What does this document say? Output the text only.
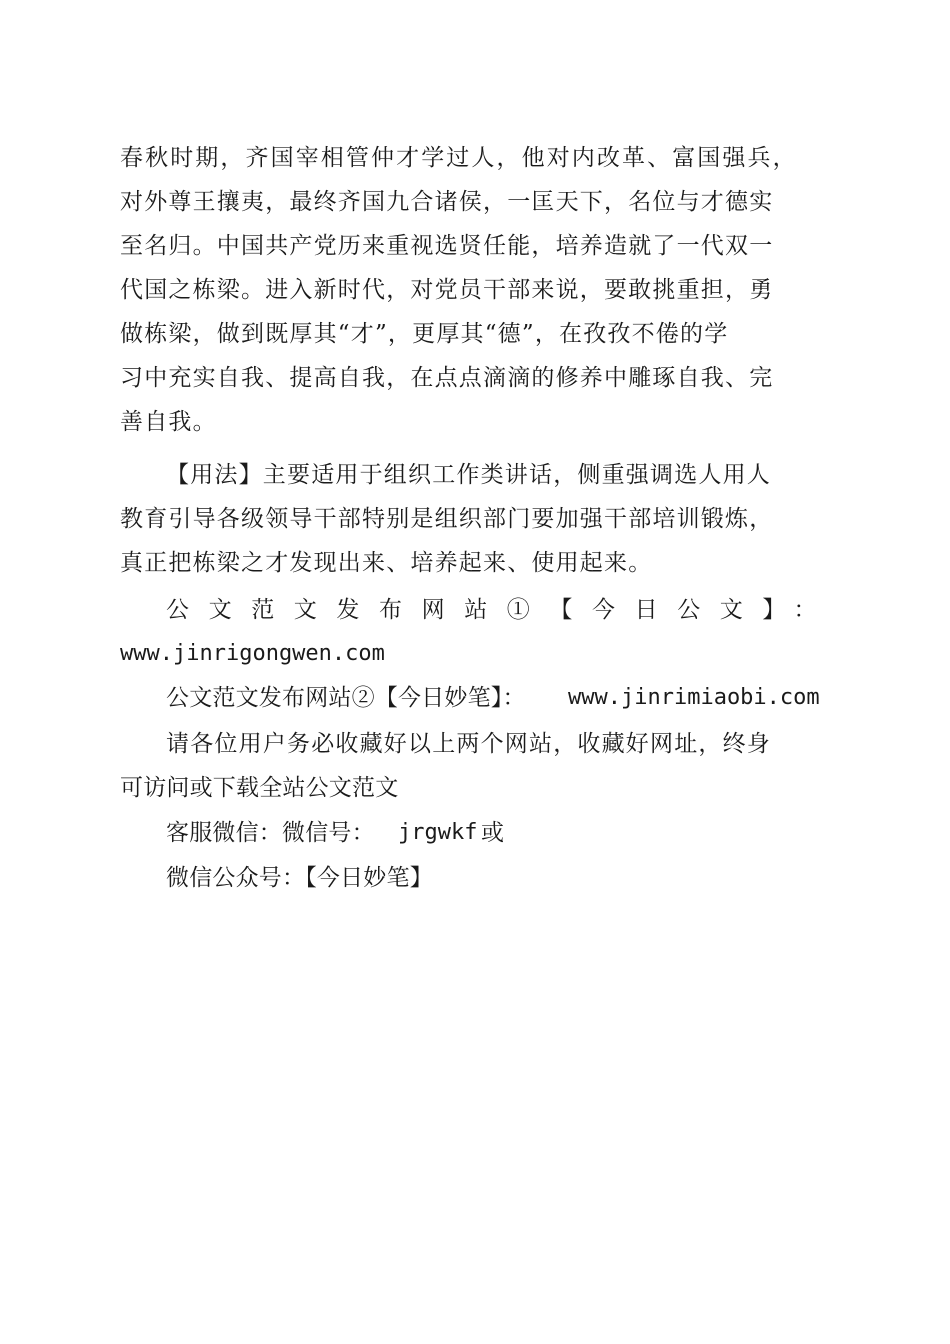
春秋时期，齐国宰相管仲才学过人，他对内改革、富国强兵，

对外尊王攘夷，最终齐国九合诸侯，一匡天下，名位与才德实

至名归。中国共产党历来重视选贤任能，培养造就了一代双一

代国之栋梁。进入新时代，对党员干部来说，要敢挑重担，勇

做栋梁，做到既厚其“才”，更厚其“德”，在孜孜不倦的学

习中充实自我、提高自我，在点点滴滴的修养中雕琢自我、完

善自我。

【用法】主要适用于组织工作类讲话，侧重强调选人用人

教育引导各级领导干部特别是组织部门要加强干部培训锻炼，

真正把栋梁之才发现出来、培养起来、使用起来。

公文范文发布网站①【今日公文】：

www.jinrigongwen.com

公文范文发布网站②【今日妙笔】： www.jinrimiaobi.com

请各位用户务必收藏好以上两个网站，收藏好网址，终身

可访问或下载全站公文范文

客服微信：微信号： jrgwkf 或

微信公众号：【今日妙笔】
